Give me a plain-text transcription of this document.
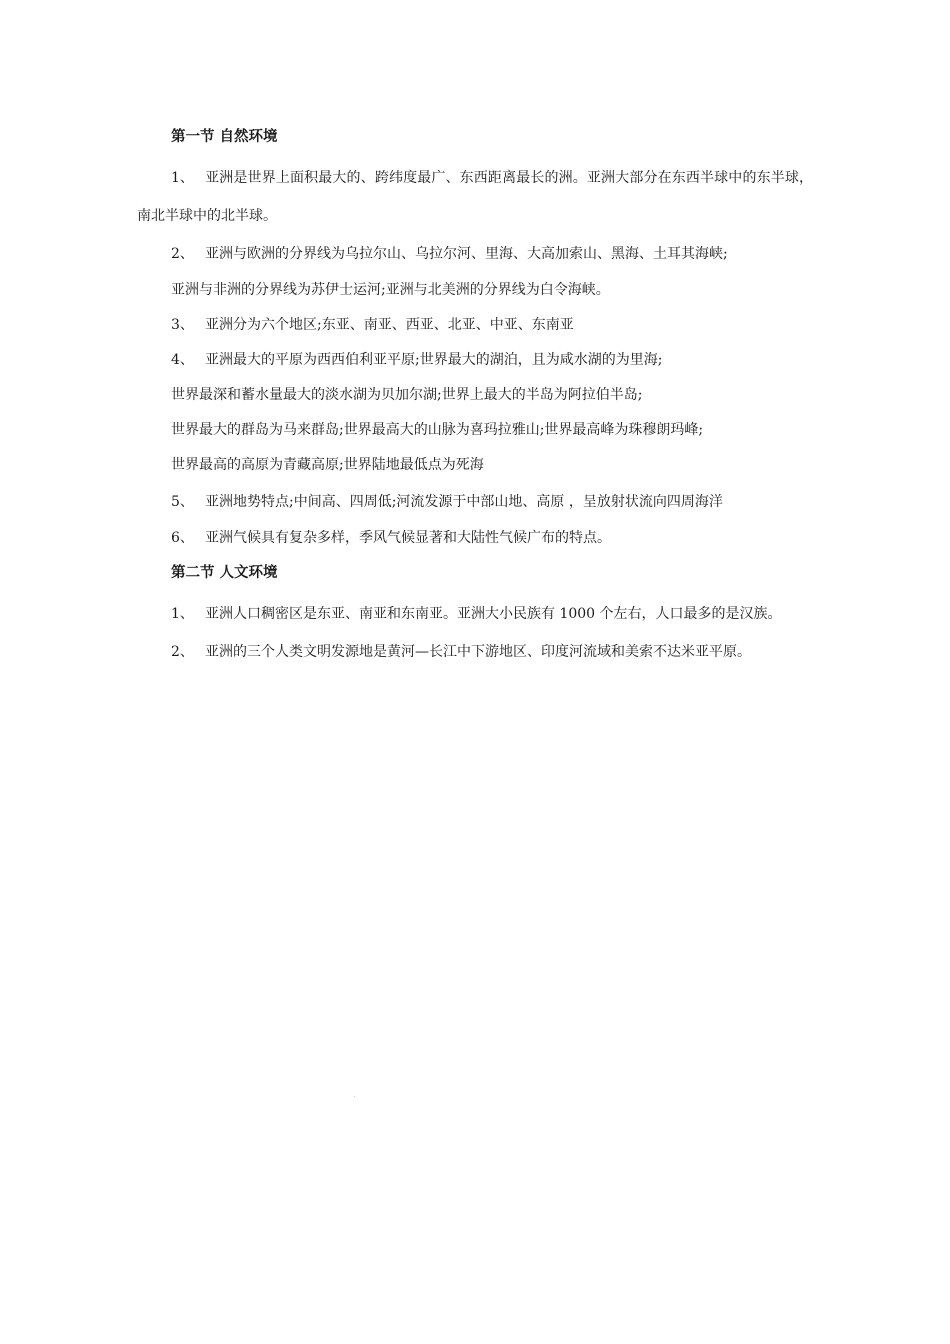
第一节 自然环境

1、 亚洲是世界上面积最大的、跨纬度最广、东西距离最长的洲。亚洲大部分在东西半球中的东半球，南北半球中的北半球。

2、 亚洲与欧洲的分界线为乌拉尔山、乌拉尔河、里海、大高加索山、黑海、土耳其海峡;

亚洲与非洲的分界线为苏伊士运河;亚洲与北美洲的分界线为白令海峡。

3、 亚洲分为六个地区;东亚、南亚、西亚、北亚、中亚、东南亚

4、 亚洲最大的平原为西西伯利亚平原;世界最大的湖泊，且为咸水湖的为里海;

世界最深和蓄水量最大的淡水湖为贝加尔湖;世界上最大的半岛为阿拉伯半岛;

世界最大的群岛为马来群岛;世界最高大的山脉为喜玛拉雅山;世界最高峰为珠穆朗玛峰;

世界最高的高原为青藏高原;世界陆地最低点为死海

5、 亚洲地势特点;中间高、四周低;河流发源于中部山地、高原 ，呈放射状流向四周海洋

6、 亚洲气候具有复杂多样，季风气候显著和大陆性气候广布的特点。

第二节 人文环境

1、 亚洲人口稠密区是东亚、南亚和东南亚。亚洲大小民族有 1000 个左右，人口最多的是汉族。

2、 亚洲的三个人类文明发源地是黄河—长江中下游地区、印度河流域和美索不达米亚平原。
